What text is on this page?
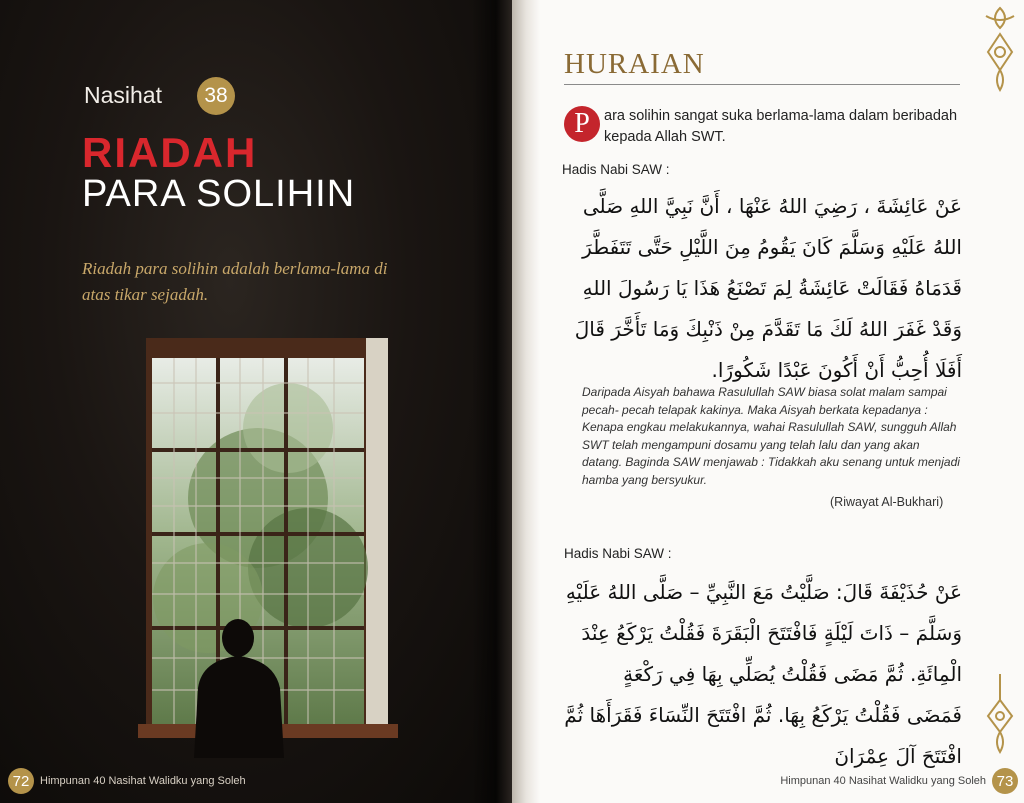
Nasihat	38
RIADAH
PARA SOLIHIN
Riadah para solihin adalah berlama-lama di atas tikar sejadah.
72 Himpunan 40 Nasihat Walidku yang Soleh
HURAIAN
P ara solihin sangat suka berlama-lama dalam beribadah kepada Allah SWT.
Hadis Nabi SAW :
عَنْ عَائِشَةَ ، رَضِيَ اللهُ عَنْهَا ، أَنَّ نَبِيَّ اللهِ صَلَّى اللهُ عَلَيْهِ وَسَلَّمَ كَانَ يَقُومُ مِنَ اللَّيْلِ حَتَّى تَتَفَطَّرَ قَدَمَاهُ فَقَالَتْ عَائِشَةُ لِمَ تَصْنَعُ هَذَا يَا رَسُولَ اللهِ وَقَدْ غَفَرَ اللهُ لَكَ مَا تَقَدَّمَ مِنْ ذَنْبِكَ وَمَا تَأَخَّرَ قَالَ أَفَلَا أُحِبُّ أَنْ أَكُونَ عَبْدًا شَكُورًا.
Daripada Aisyah bahawa Rasulullah SAW biasa solat malam sampai pecah- pecah telapak kakinya. Maka Aisyah berkata kepadanya : Kenapa engkau melakukannya, wahai Rasulullah SAW, sungguh Allah SWT telah mengampuni dosamu yang telah lalu dan yang akan datang. Baginda SAW menjawab : Tidakkah aku senang untuk menjadi hamba yang bersyukur.
(Riwayat Al-Bukhari)
Hadis Nabi SAW :
عَنْ حُذَيْفَةَ قَالَ: صَلَّيْتُ مَعَ النَّبِيِّ – صَلَّى اللهُ عَلَيْهِ وَسَلَّمَ – ذَاتَ لَيْلَةٍ فَافْتَتَحَ الْبَقَرَةَ فَقُلْتُ يَرْكَعُ عِنْدَ الْمِائَةِ. ثُمَّ مَضَى فَقُلْتُ يُصَلِّي بِهَا فِي رَكْعَةٍ فَمَضَى فَقُلْتُ يَرْكَعُ بِهَا. ثُمَّ افْتَتَحَ النِّسَاءَ فَقَرَأَهَا ثُمَّ افْتَتَحَ آلَ عِمْرَانَ
Himpunan 40 Nasihat Walidku yang Soleh 73
